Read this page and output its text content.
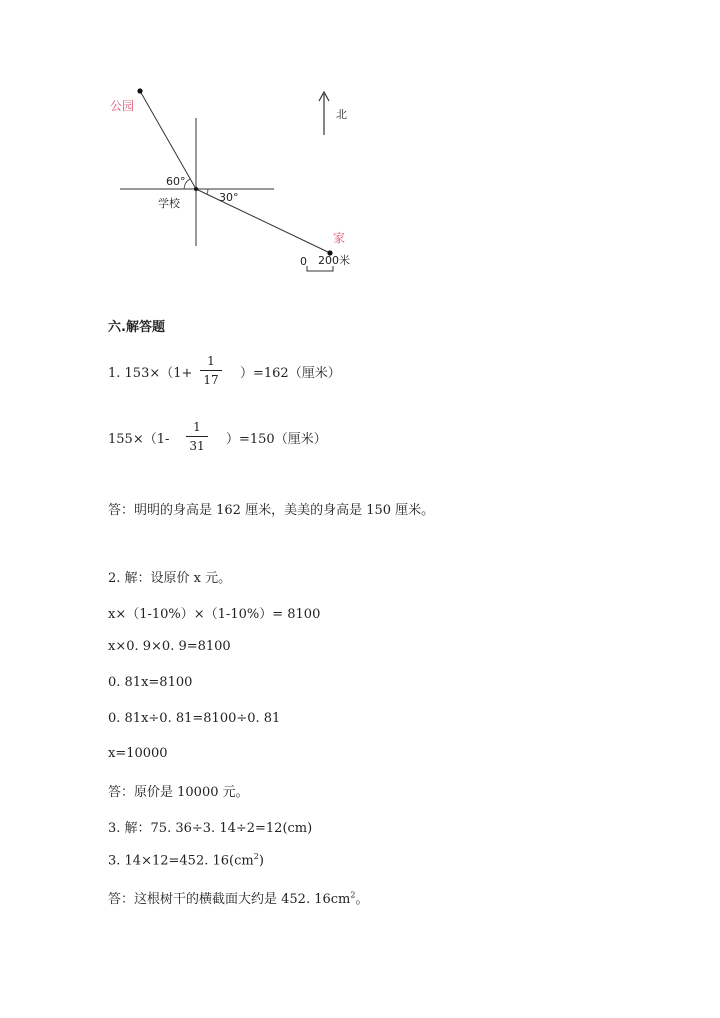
公园
学校
家
北
60°
30°
0 200米
六.解答题
1. 153×（1+
1
17 ）=162（厘米）
155×（1-
1
31 ）=150（厘米）
答：明明的身高是 162 厘米，美美的身高是 150 厘米。
2. 解：设原价 x 元。
x×（1-10%）×（1-10%）= 8100
x×0. 9×0. 9=8100
0. 81x=8100
0. 81x÷0. 81=8100÷0. 81
x=10000
答：原价是 10000 元。
3. 解：75. 36÷3. 14÷2=12(cm)
3. 14×12=452. $16(cm^2)$
答：这根树干的横截面大约是 452. $16cm^2$。
